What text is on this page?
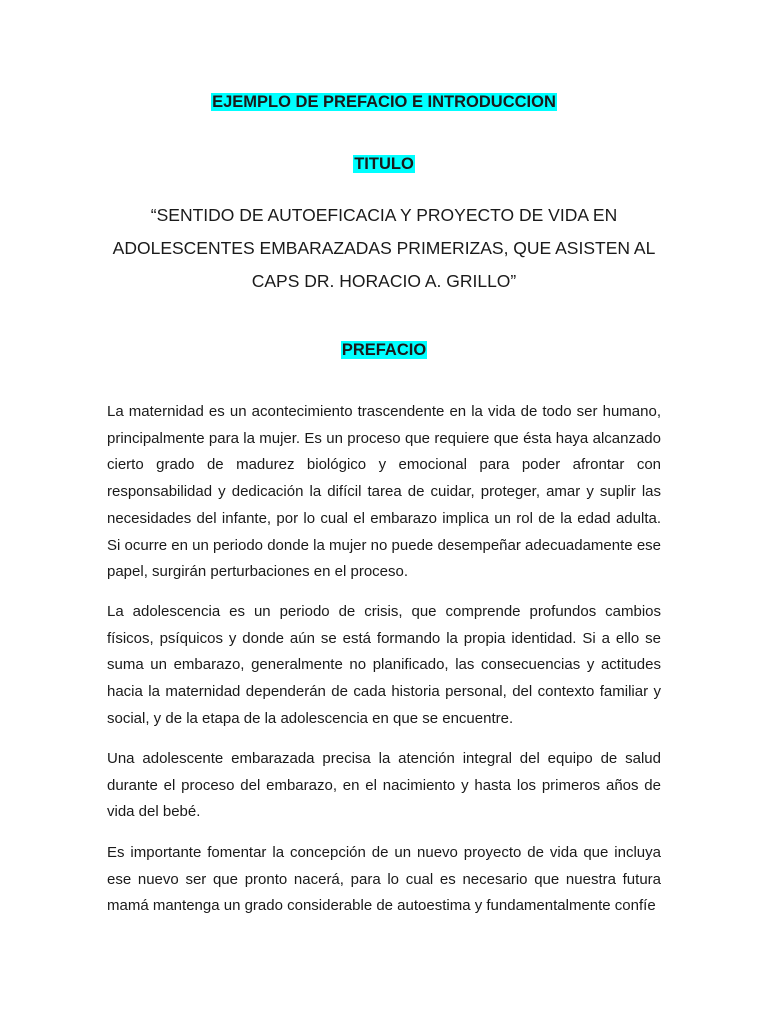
EJEMPLO DE PREFACIO E INTRODUCCION
TITULO
“SENTIDO DE AUTOEFICACIA Y PROYECTO DE VIDA EN
ADOLESCENTES EMBARAZADAS PRIMERIZAS, QUE ASISTEN AL
CAPS DR. HORACIO A. GRILLO”
PREFACIO

La maternidad es un acontecimiento trascendente en la vida de todo ser humano, principalmente para la mujer. Es un proceso que requiere que ésta haya alcanzado cierto grado de madurez biológico y emocional para poder afrontar con responsabilidad y dedicación la difícil tarea de cuidar, proteger, amar y suplir las necesidades del infante, por lo cual el embarazo implica un rol de la edad adulta. Si ocurre en un periodo donde la mujer no puede desempeñar adecuadamente ese papel, surgirán perturbaciones en el proceso.

La adolescencia es un periodo de crisis, que comprende profundos cambios físicos, psíquicos y donde aún se está formando la propia identidad. Si a ello se suma un embarazo, generalmente no planificado, las consecuencias y actitudes hacia la maternidad dependerán de cada historia personal, del contexto familiar y social, y de la etapa de la adolescencia en que se encuentre.

Una adolescente embarazada precisa la atención integral del equipo de salud durante el proceso del embarazo, en el nacimiento y hasta los primeros años de vida del bebé.

Es importante fomentar la concepción de un nuevo proyecto de vida que incluya ese nuevo ser que pronto nacerá, para lo cual es necesario que nuestra futura mamá mantenga un grado considerable de autoestima y fundamentalmente confíe
